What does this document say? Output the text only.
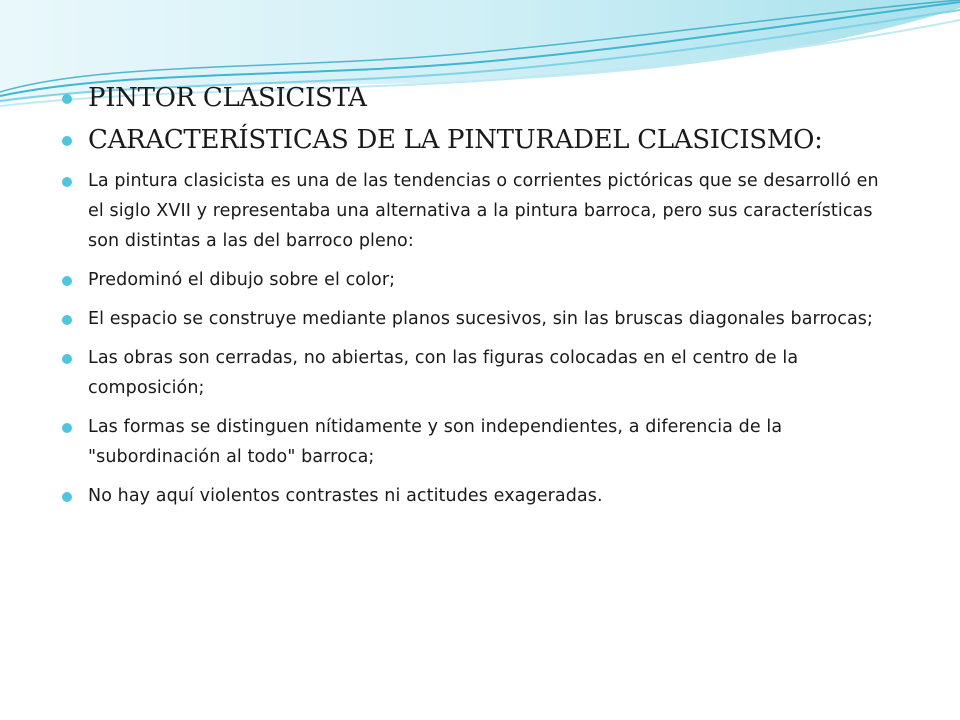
PINTOR CLASICISTA
CARACTERÍSTICAS DE LA PINTURADEL CLASICISMO:
La pintura clasicista es una de las tendencias o corrientes pictóricas que se desarrolló en el siglo XVII y representaba una alternativa a la pintura barroca, pero sus características son distintas a las del barroco pleno:
Predominó el dibujo sobre el color;
El espacio se construye mediante planos sucesivos, sin las bruscas diagonales barrocas;
Las obras son cerradas, no abiertas, con las figuras colocadas en el centro de la composición;
Las formas se distinguen nítidamente y son independientes, a diferencia de la "subordinación al todo" barroca;
No hay aquí violentos contrastes ni actitudes exageradas.
